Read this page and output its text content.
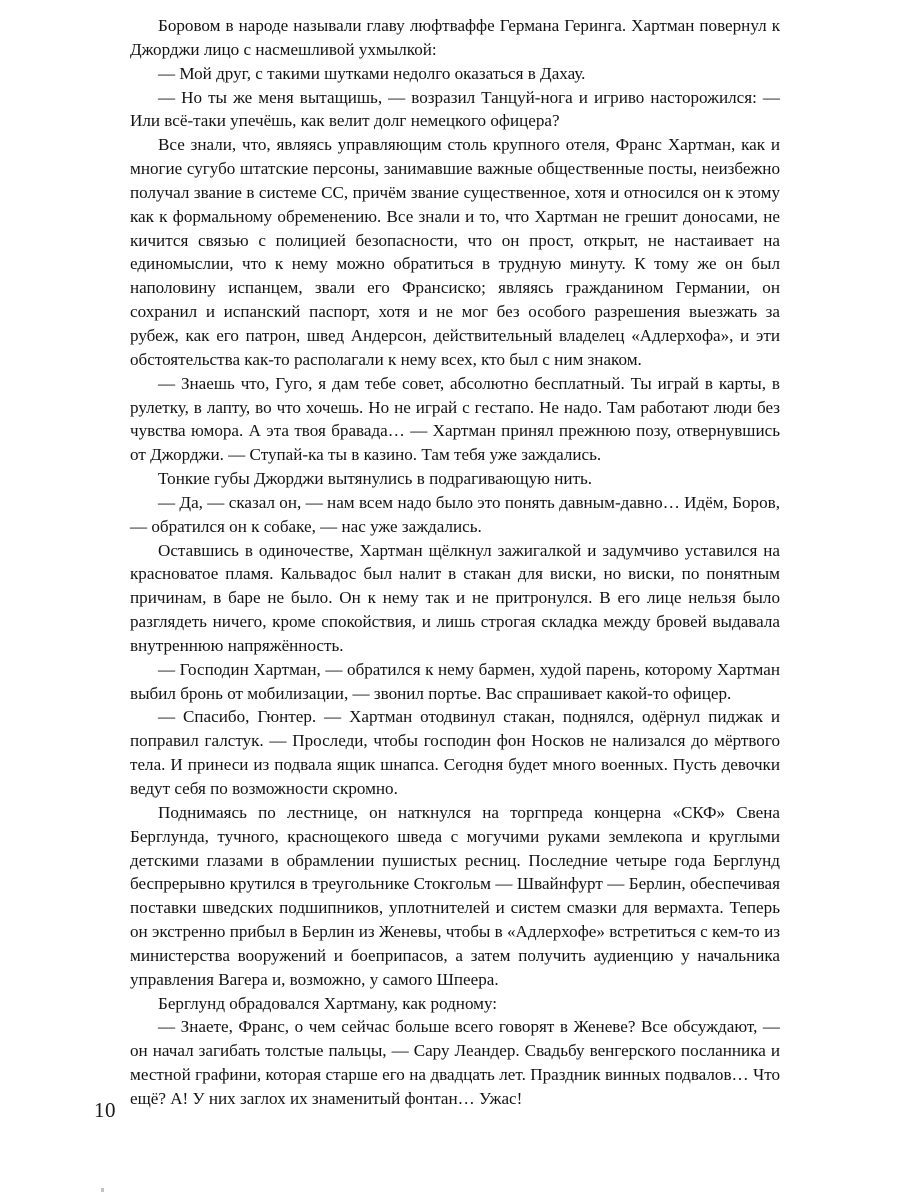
Боровом в народе называли главу люфтваффе Германа Геринга. Хартман повернул к Джорджи лицо с насмешливой ухмылкой:

— Мой друг, с такими шутками недолго оказаться в Дахау.

— Но ты же меня вытащишь, — возразил Танцуй-нога и игриво насторожился: — Или всё-таки упечёшь, как велит долг немецкого офицера?

Все знали, что, являясь управляющим столь крупного отеля, Франс Хартман, как и многие сугубо штатские персоны, занимавшие важные общественные посты, неизбежно получал звание в системе СС, причём звание существенное, хотя и относился он к этому как к формальному обременению. Все знали и то, что Хартман не грешит доносами, не кичится связью с полицией безопасности, что он прост, открыт, не настаивает на единомыслии, что к нему можно обратиться в трудную минуту. К тому же он был наполовину испанцем, звали его Франсиско; являясь гражданином Германии, он сохранил и испанский паспорт, хотя и не мог без особого разрешения выезжать за рубеж, как его патрон, швед Андерсон, действительный владелец «Адлерхофа», и эти обстоятельства как-то располагали к нему всех, кто был с ним знаком.

— Знаешь что, Гуго, я дам тебе совет, абсолютно бесплатный. Ты играй в карты, в рулетку, в лапту, во что хочешь. Но не играй с гестапо. Не надо. Там работают люди без чувства юмора. А эта твоя бравада… — Хартман принял прежнюю позу, отвернувшись от Джорджи. — Ступай-ка ты в казино. Там тебя уже заждались.

Тонкие губы Джорджи вытянулись в подрагивающую нить.

— Да, — сказал он, — нам всем надо было это понять давным-давно… Идём, Боров, — обратился он к собаке, — нас уже заждались.

Оставшись в одиночестве, Хартман щёлкнул зажигалкой и задумчиво уставился на красноватое пламя. Кальвадос был налит в стакан для виски, но виски, по понятным причинам, в баре не было. Он к нему так и не притронулся. В его лице нельзя было разглядеть ничего, кроме спокойствия, и лишь строгая складка между бровей выдавала внутреннюю напряжённость.

— Господин Хартман, — обратился к нему бармен, худой парень, которому Хартман выбил бронь от мобилизации, — звонил портье. Вас спрашивает какой-то офицер.

— Спасибо, Гюнтер. — Хартман отодвинул стакан, поднялся, одёрнул пиджак и поправил галстук. — Проследи, чтобы господин фон Носков не нализался до мёртвого тела. И принеси из подвала ящик шнапса. Сегодня будет много военных. Пусть девочки ведут себя по возможности скромно.

Поднимаясь по лестнице, он наткнулся на торгпреда концерна «СКФ» Свена Берглунда, тучного, краснощекого шведа с могучими руками землекопа и круглыми детскими глазами в обрамлении пушистых ресниц. Последние четыре года Берглунд беспрерывно крутился в треугольнике Стокгольм — Швайнфурт — Берлин, обеспечивая поставки шведских подшипников, уплотнителей и систем смазки для вермахта. Теперь он экстренно прибыл в Берлин из Женевы, чтобы в «Адлерхофе» встретиться с кем-то из министерства вооружений и боеприпасов, а затем получить аудиенцию у начальника управления Вагера и, возможно, у самого Шпеера.

Берглунд обрадовался Хартману, как родному:

— Знаете, Франс, о чем сейчас больше всего говорят в Женеве? Все обсуждают, — он начал загибать толстые пальцы, — Сару Леандер. Свадьбу венгерского посланника и местной графини, которая старше его на двадцать лет. Праздник винных подвалов… Что ещё? А! У них заглох их знаменитый фонтан… Ужас!

10
